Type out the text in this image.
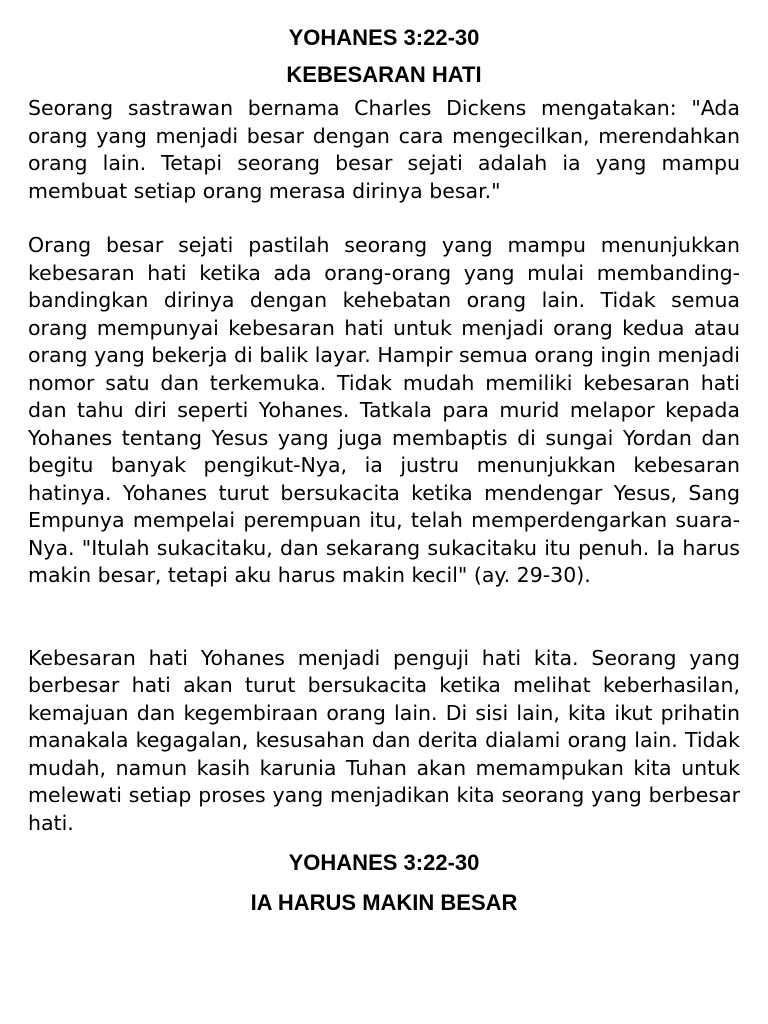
YOHANES 3:22-30
KEBESARAN HATI

Seorang sastrawan bernama Charles Dickens mengatakan: "Ada orang yang menjadi besar dengan cara mengecilkan, merendahkan orang lain. Tetapi seorang besar sejati adalah ia yang mampu membuat setiap orang merasa dirinya besar."

Orang besar sejati pastilah seorang yang mampu menunjukkan kebesaran hati ketika ada orang-orang yang mulai membanding-bandingkan dirinya dengan kehebatan orang lain. Tidak semua orang mempunyai kebesaran hati untuk menjadi orang kedua atau orang yang bekerja di balik layar. Hampir semua orang ingin menjadi nomor satu dan terkemuka. Tidak mudah memiliki kebesaran hati dan tahu diri seperti Yohanes. Tatkala para murid melapor kepada Yohanes tentang Yesus yang juga membaptis di sungai Yordan dan begitu banyak pengikut-Nya, ia justru menunjukkan kebesaran hatinya. Yohanes turut bersukacita ketika mendengar Yesus, Sang Empunya mempelai perempuan itu, telah memperdengarkan suara-Nya. "Itulah sukacitaku, dan sekarang sukacitaku itu penuh. Ia harus makin besar, tetapi aku harus makin kecil" (ay. 29-30).

Kebesaran hati Yohanes menjadi penguji hati kita. Seorang yang berbesar hati akan turut bersukacita ketika melihat keberhasilan, kemajuan dan kegembiraan orang lain. Di sisi lain, kita ikut prihatin manakala kegagalan, kesusahan dan derita dialami orang lain. Tidak mudah, namun kasih karunia Tuhan akan memampukan kita untuk melewati setiap proses yang menjadikan kita seorang yang berbesar hati.

YOHANES 3:22-30
IA HARUS MAKIN BESAR
